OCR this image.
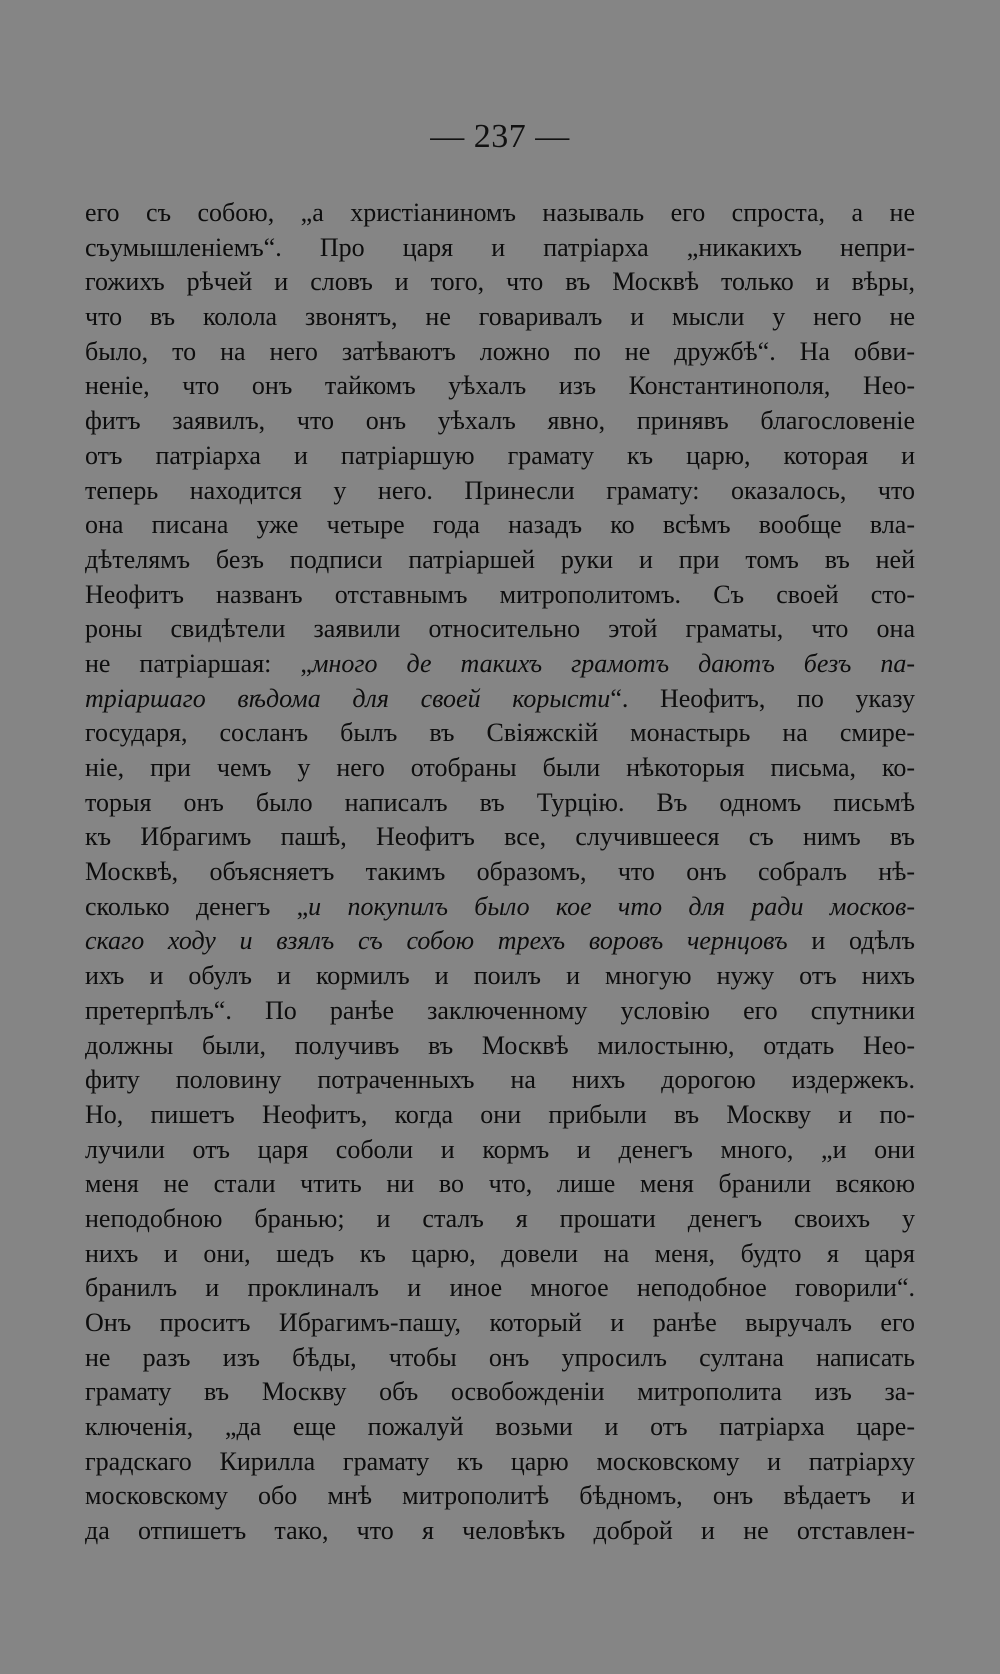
— 237 —
его съ собою, „а христіаниномъ называль его спроста, а не
съумышленіемъ“. Про царя и патріарха „никакихъ непри-
гожихъ рѣчей и словъ и того, что въ Москвѣ только и вѣры,
что въ колола звонятъ, не говаривалъ и мысли у него не
было, то на него затѣваютъ ложно по не дружбѣ“. На обви-
неніе, что онъ тайкомъ уѣхалъ изъ Константинополя, Нео-
фитъ заявилъ, что онъ уѣхалъ явно, принявъ благословеніе
отъ патріарха и патріаршую грамату къ царю, которая и
теперь находится у него. Принесли грамату: оказалось, что
она писана уже четыре года назадъ ко всѣмъ вообще вла-
дѣтелямъ безъ подписи патріаршей руки и при томъ въ ней
Неофитъ названъ отставнымъ митрополитомъ. Съ своей сто-
роны свидѣтели заявили относительно этой граматы, что она
не патріаршая: „много де такихъ грамотъ даютъ безъ па-
тріаршаго вѣдома для своей корысти“. Неофитъ, по указу
государя, сосланъ былъ въ Свіяжскій монастырь на смире-
ніе, при чемъ у него отобраны были нѣкоторыя письма, ко-
торыя онъ было написалъ въ Турцію. Въ одномъ письмѣ
къ Ибрагимъ пашѣ, Неофитъ все, случившееся съ нимъ въ
Москвѣ, объясняетъ такимъ образомъ, что онъ собралъ нѣ-
сколько денегъ „и покупилъ было кое что для ради москов-
скаго ходу и взялъ съ собою трехъ воровъ чернцовъ и одѣлъ
ихъ и обулъ и кормилъ и поилъ и многую нужу отъ нихъ
претерпѣлъ“. По ранѣе заключенному условію его спутники
должны были, получивъ въ Москвѣ милостыню, отдать Нео-
фиту половину потраченныхъ на нихъ дорогою издержекъ.
Но, пишетъ Неофитъ, когда они прибыли въ Москву и по-
лучили отъ царя соболи и кормъ и денегъ много, „и они
меня не стали чтить ни во что, лише меня бранили всякою
неподобною бранью; и сталъ я прошати денегъ своихъ у
нихъ и они, шедъ къ царю, довели на меня, будто я царя
бранилъ и проклиналъ и иное многое неподобное говорили“.
Онъ проситъ Ибрагимъ-пашу, который и ранѣе выручалъ его
не разъ изъ бѣды, чтобы онъ упросилъ султана написать
грамату въ Москву объ освобожденіи митрополита изъ за-
ключенія, „да еще пожалуй возьми и отъ патріарха царе-
градскаго Кирилла грамату къ царю московскому и патріарху
московскому обо мнѣ митрополитѣ бѣдномъ, онъ вѣдаетъ и
да отпишетъ тако, что я человѣкъ доброй и не отставлен-
